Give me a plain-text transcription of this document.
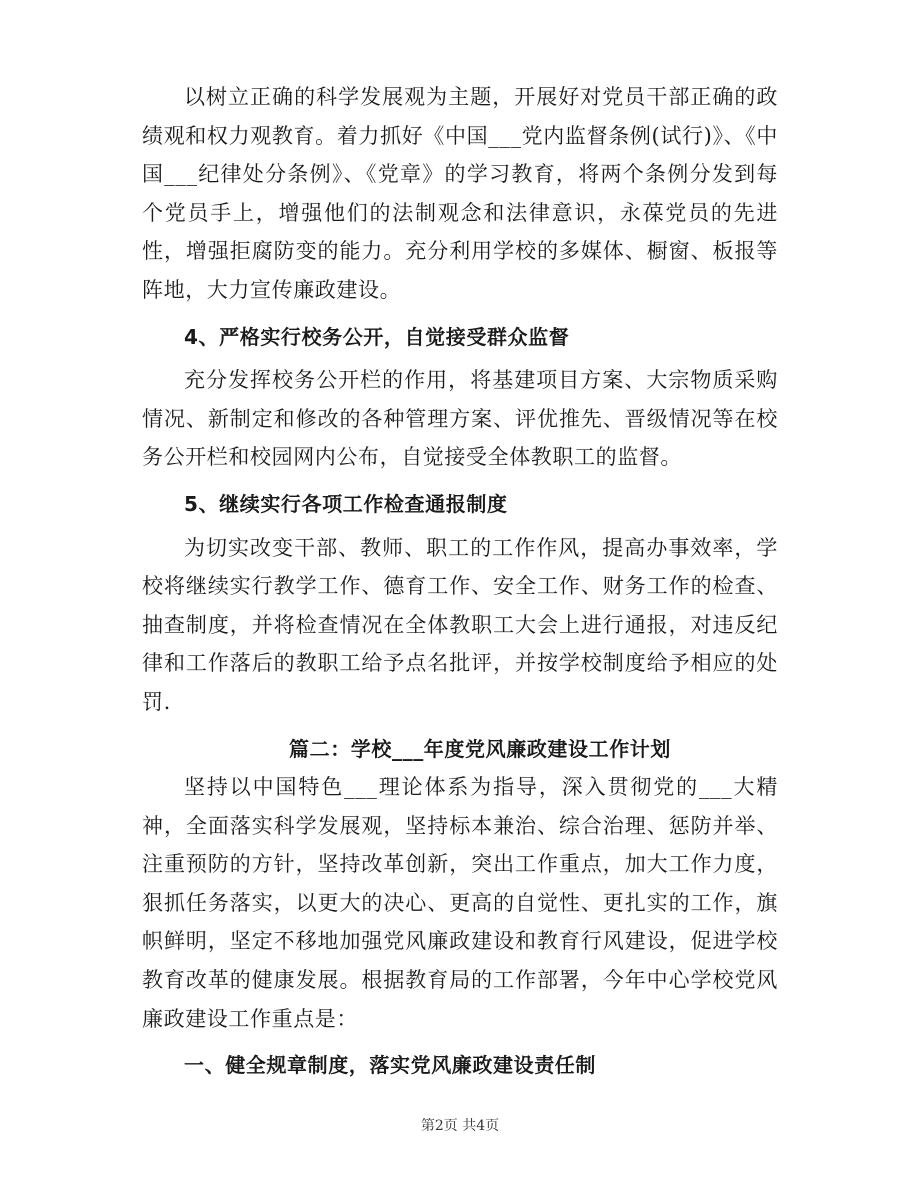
以树立正确的科学发展观为主题，开展好对党员干部正确的政绩观和权力观教育。着力抓好《中国___党内监督条例(试行)》、《中国___纪律处分条例》、《党章》的学习教育，将两个条例分发到每个党员手上，增强他们的法制观念和法律意识，永葆党员的先进性，增强拒腐防变的能力。充分利用学校的多媒体、橱窗、板报等阵地，大力宣传廉政建设。

4、严格实行校务公开，自觉接受群众监督

充分发挥校务公开栏的作用，将基建项目方案、大宗物质采购情况、新制定和修改的各种管理方案、评优推先、晋级情况等在校务公开栏和校园网内公布，自觉接受全体教职工的监督。

5、继续实行各项工作检查通报制度

为切实改变干部、教师、职工的工作作风，提高办事效率，学校将继续实行教学工作、德育工作、安全工作、财务工作的检查、抽查制度，并将检查情况在全体教职工大会上进行通报，对违反纪律和工作落后的教职工给予点名批评，并按学校制度给予相应的处罚.

篇二：学校___年度党风廉政建设工作计划

坚持以中国特色___理论体系为指导，深入贯彻党的___大精神，全面落实科学发展观，坚持标本兼治、综合治理、惩防并举、注重预防的方针，坚持改革创新，突出工作重点，加大工作力度，狠抓任务落实，以更大的决心、更高的自觉性、更扎实的工作，旗帜鲜明，坚定不移地加强党风廉政建设和教育行风建设，促进学校教育改革的健康发展。根据教育局的工作部署，今年中心学校党风廉政建设工作重点是：

一、健全规章制度，落实党风廉政建设责任制

第2页 共4页
